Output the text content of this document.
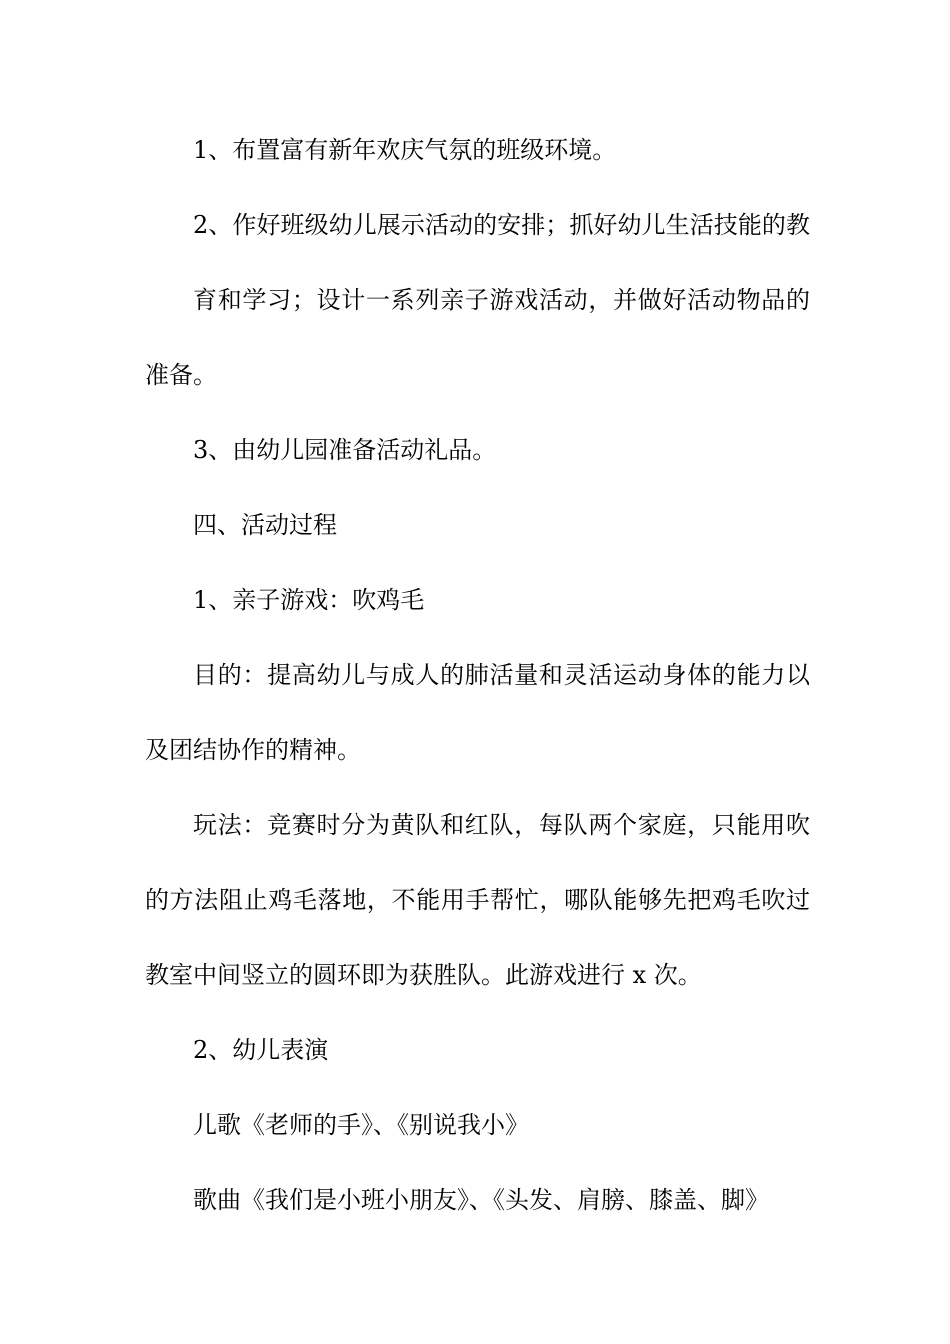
1、布置富有新年欢庆气氛的班级环境。
2、作好班级幼儿展示活动的安排；抓好幼儿生活技能的教
育和学习；设计一系列亲子游戏活动，并做好活动物品的
准备。
3、由幼儿园准备活动礼品。
四、活动过程
1、亲子游戏：吹鸡毛
目的：提高幼儿与成人的肺活量和灵活运动身体的能力以
及团结协作的精神。
玩法：竞赛时分为黄队和红队，每队两个家庭，只能用吹
的方法阻止鸡毛落地，不能用手帮忙，哪队能够先把鸡毛吹过
教室中间竖立的圆环即为获胜队。此游戏进行 x 次。
2、幼儿表演
儿歌《老师的手》、《别说我小》
歌曲《我们是小班小朋友》、《头发、肩膀、膝盖、脚》
